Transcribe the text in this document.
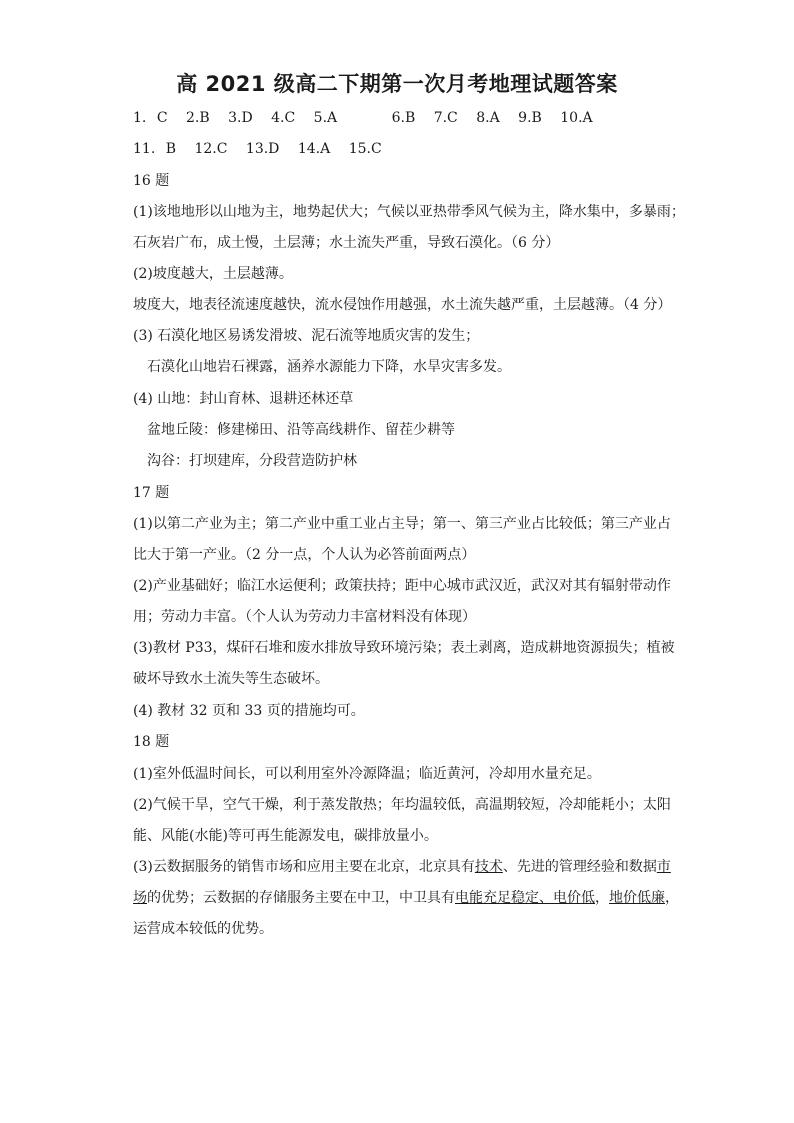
高 2021 级高二下期第一次月考地理试题答案
1. C 2.B 3.D 4.C 5.A	6.B 7.C 8.A 9.B 10.A
11. B 12.C 13.D 14.A 15.C
16 题
(1)该地地形以山地为主，地势起伏大；气候以亚热带季风气候为主，降水集中，多暴雨；
石灰岩广布，成土慢，土层薄；水土流失严重，导致石漠化。（6 分）
(2)坡度越大，土层越薄。
坡度大，地表径流速度越快，流水侵蚀作用越强，水土流失越严重，土层越薄。（4 分）
(3) 石漠化地区易诱发滑坡、泥石流等地质灾害的发生；
石漠化山地岩石裸露，涵养水源能力下降，水旱灾害多发。
(4) 山地：封山育林、退耕还林还草
盆地丘陵：修建梯田、沿等高线耕作、留茬少耕等
沟谷：打坝建库，分段营造防护林
17 题
(1)以第二产业为主；第二产业中重工业占主导；第一、第三产业占比较低；第三产业占
比大于第一产业。（2 分一点，个人认为必答前面两点）
(2)产业基础好；临江水运便利；政策扶持；距中心城市武汉近，武汉对其有辐射带动作
用；劳动力丰富。（个人认为劳动力丰富材料没有体现）
(3)教材 P33，煤矸石堆和废水排放导致环境污染；表土剥离，造成耕地资源损失；植被
破坏导致水土流失等生态破坏。
(4) 教材 32 页和 33 页的措施均可。
18 题
(1)室外低温时间长，可以利用室外冷源降温；临近黄河，冷却用水量充足。
(2)气候干旱，空气干燥，利于蒸发散热；年均温较低，高温期较短，冷却能耗小；太阳
能、风能(水能)等可再生能源发电，碳排放量小。
(3)云数据服务的销售市场和应用主要在北京，北京具有技术、先进的管理经验和数据市
场的优势；云数据的存储服务主要在中卫，中卫具有电能充足稳定、电价低，地价低廉，
运营成本较低的优势。
